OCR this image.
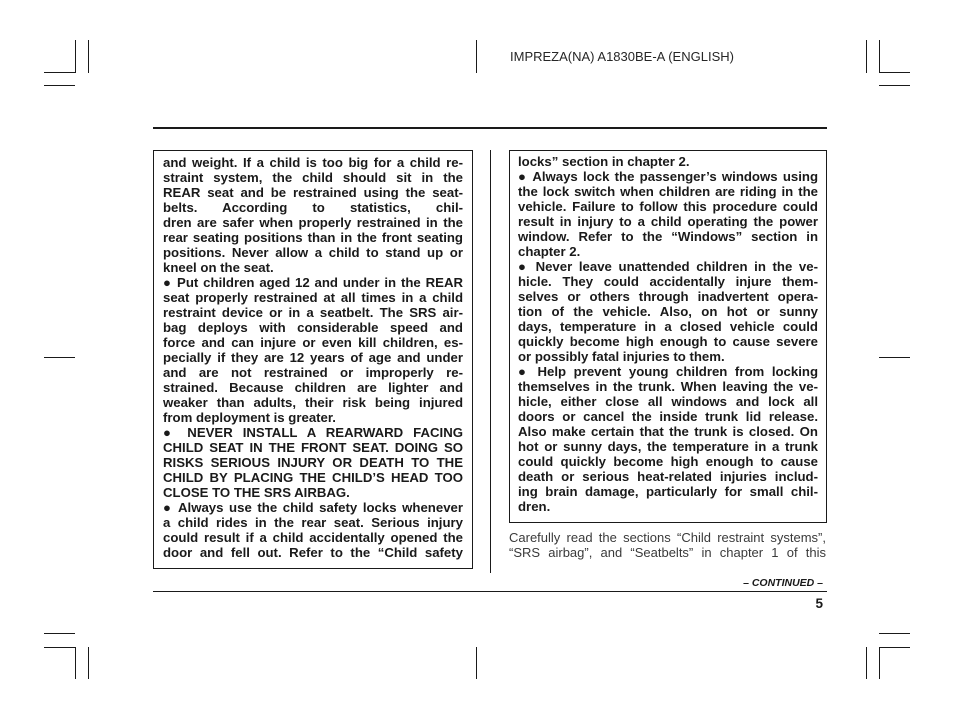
IMPREZA(NA) A1830BE-A (ENGLISH)
and weight. If a child is too big for a child re-
straint system, the child should sit in the
REAR seat and be restrained using the seat-
belts. According to statistics, chil-
dren are safer when properly restrained in the
rear seating positions than in the front seating
positions. Never allow a child to stand up or
kneel on the seat.
● Put children aged 12 and under in the REAR
seat properly restrained at all times in a child
restraint device or in a seatbelt. The SRS air-
bag deploys with considerable speed and
force and can injure or even kill children, es-
pecially if they are 12 years of age and under
and are not restrained or improperly re-
strained. Because children are lighter and
weaker than adults, their risk being injured
from deployment is greater.
● NEVER INSTALL A REARWARD FACING
CHILD SEAT IN THE FRONT SEAT. DOING SO
RISKS SERIOUS INJURY OR DEATH TO THE
CHILD BY PLACING THE CHILD’S HEAD TOO
CLOSE TO THE SRS AIRBAG.
● Always use the child safety locks whenever
a child rides in the rear seat. Serious injury
could result if a child accidentally opened the
door and fell out. Refer to the “Child safety
locks” section in chapter 2.
● Always lock the passenger’s windows using
the lock switch when children are riding in the
vehicle. Failure to follow this procedure could
result in injury to a child operating the power
window. Refer to the “Windows” section in
chapter 2.
● Never leave unattended children in the ve-
hicle. They could accidentally injure them-
selves or others through inadvertent opera-
tion of the vehicle. Also, on hot or sunny
days, temperature in a closed vehicle could
quickly become high enough to cause severe
or possibly fatal injuries to them.
● Help prevent young children from locking
themselves in the trunk. When leaving the ve-
hicle, either close all windows and lock all
doors or cancel the inside trunk lid release.
Also make certain that the trunk is closed. On
hot or sunny days, the temperature in a trunk
could quickly become high enough to cause
death or serious heat-related injuries includ-
ing brain damage, particularly for small chil-
dren.
Carefully read the sections “Child restraint systems”,
“SRS airbag”, and “Seatbelts” in chapter 1 of this
– CONTINUED –
5
